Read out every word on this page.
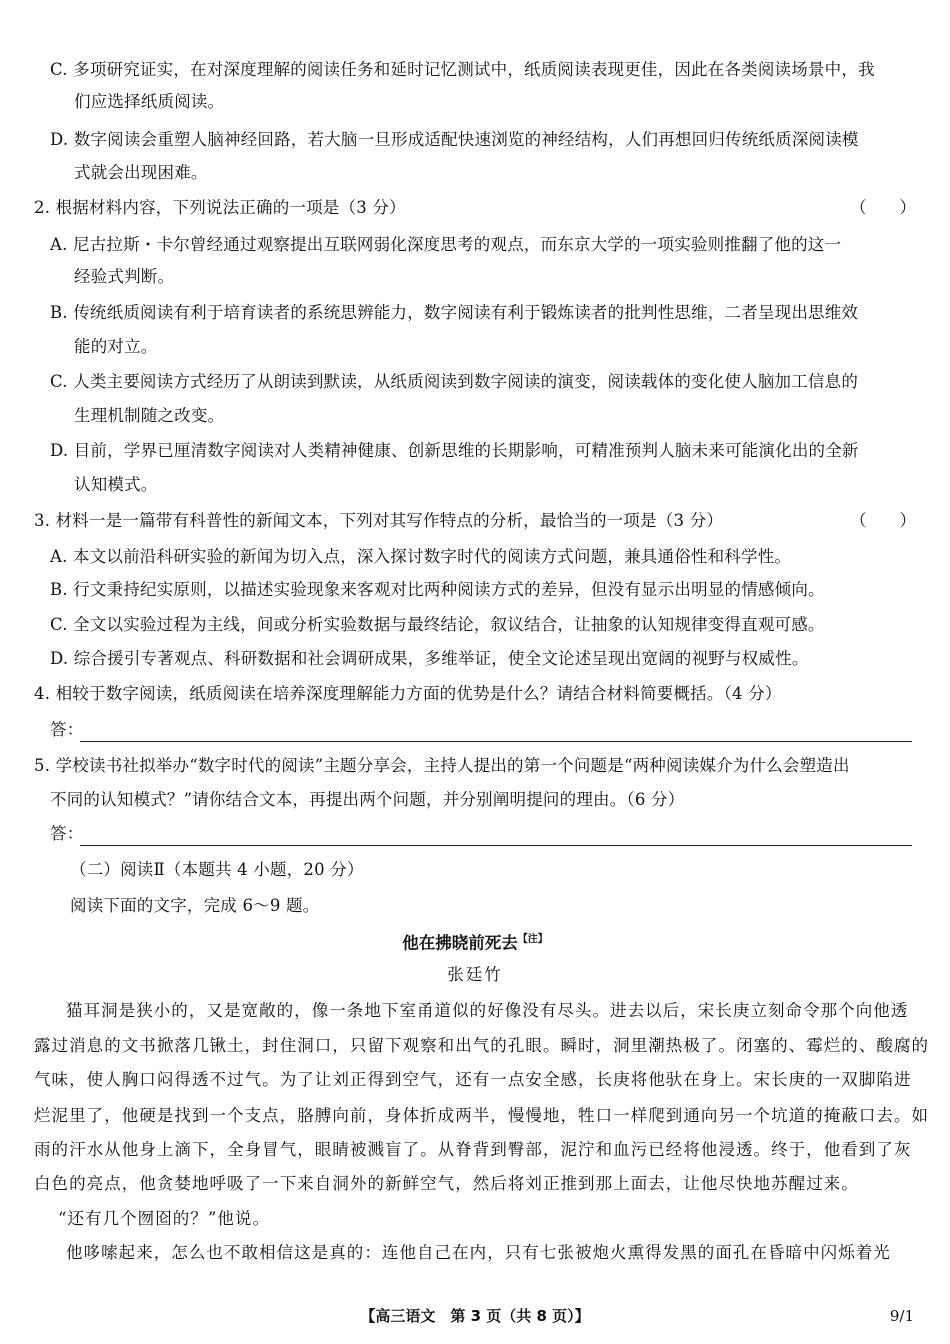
C. 多项研究证实，在对深度理解的阅读任务和延时记忆测试中，纸质阅读表现更佳，因此在各类阅读场景中，我
们应选择纸质阅读。
D. 数字阅读会重塑人脑神经回路，若大脑一旦形成适配快速浏览的神经结构，人们再想回归传统纸质深阅读模
式就会出现困难。
2. 根据材料内容，下列说法正确的一项是（3 分）	（　　）
A. 尼古拉斯・卡尔曾经通过观察提出互联网弱化深度思考的观点，而东京大学的一项实验则推翻了他的这一
经验式判断。
B. 传统纸质阅读有利于培育读者的系统思辨能力，数字阅读有利于锻炼读者的批判性思维，二者呈现出思维效
能的对立。
C. 人类主要阅读方式经历了从朗读到默读，从纸质阅读到数字阅读的演变，阅读载体的变化使人脑加工信息的
生理机制随之改变。
D. 目前，学界已厘清数字阅读对人类精神健康、创新思维的长期影响，可精准预判人脑未来可能演化出的全新
认知模式。
3. 材料一是一篇带有科普性的新闻文本，下列对其写作特点的分析，最恰当的一项是（3 分）	（　　）
A. 本文以前沿科研实验的新闻为切入点，深入探讨数字时代的阅读方式问题，兼具通俗性和科学性。
B. 行文秉持纪实原则，以描述实验现象来客观对比两种阅读方式的差异，但没有显示出明显的情感倾向。
C. 全文以实验过程为主线，间或分析实验数据与最终结论，叙议结合，让抽象的认知规律变得直观可感。
D. 综合援引专著观点、科研数据和社会调研成果，多维举证，使全文论述呈现出宽阔的视野与权威性。
4. 相较于数字阅读，纸质阅读在培养深度理解能力方面的优势是什么？请结合材料简要概括。（4 分）
答：
5. 学校读书社拟举办“数字时代的阅读”主题分享会，主持人提出的第一个问题是“两种阅读媒介为什么会塑造出
不同的认知模式？”请你结合文本，再提出两个问题，并分别阐明提问的理由。（6 分）
答：
（二）阅读Ⅱ（本题共 4 小题，20 分）
阅读下面的文字，完成 6～9 题。
他在拂晓前死去$^{【注】}$
张廷竹
猫耳洞是狭小的，又是宽敞的，像一条地下室甬道似的好像没有尽头。进去以后，宋长庚立刻命令那个向他透
露过消息的文书掀落几锹土，封住洞口，只留下观察和出气的孔眼。瞬时，洞里潮热极了。闭塞的、霉烂的、酸腐的
气味，使人胸口闷得透不过气。为了让刘正得到空气，还有一点安全感，长庚将他驮在身上。宋长庚的一双脚陷进
烂泥里了，他硬是找到一个支点，胳膊向前，身体折成两半，慢慢地，牲口一样爬到通向另一个坑道的掩蔽口去。如
雨的汗水从他身上滴下，全身冒气，眼睛被溅盲了。从脊背到臀部，泥泞和血污已经将他浸透。终于，他看到了灰
白色的亮点，他贪婪地呼吸了一下来自洞外的新鲜空气，然后将刘正推到那上面去，让他尽快地苏醒过来。
“还有几个囫囵的？”他说。
他哆嗦起来，怎么也不敢相信这是真的：连他自己在内，只有七张被炮火熏得发黑的面孔在昏暗中闪烁着光
【高三语文　第 3 页（共 8 页）】	9/1
